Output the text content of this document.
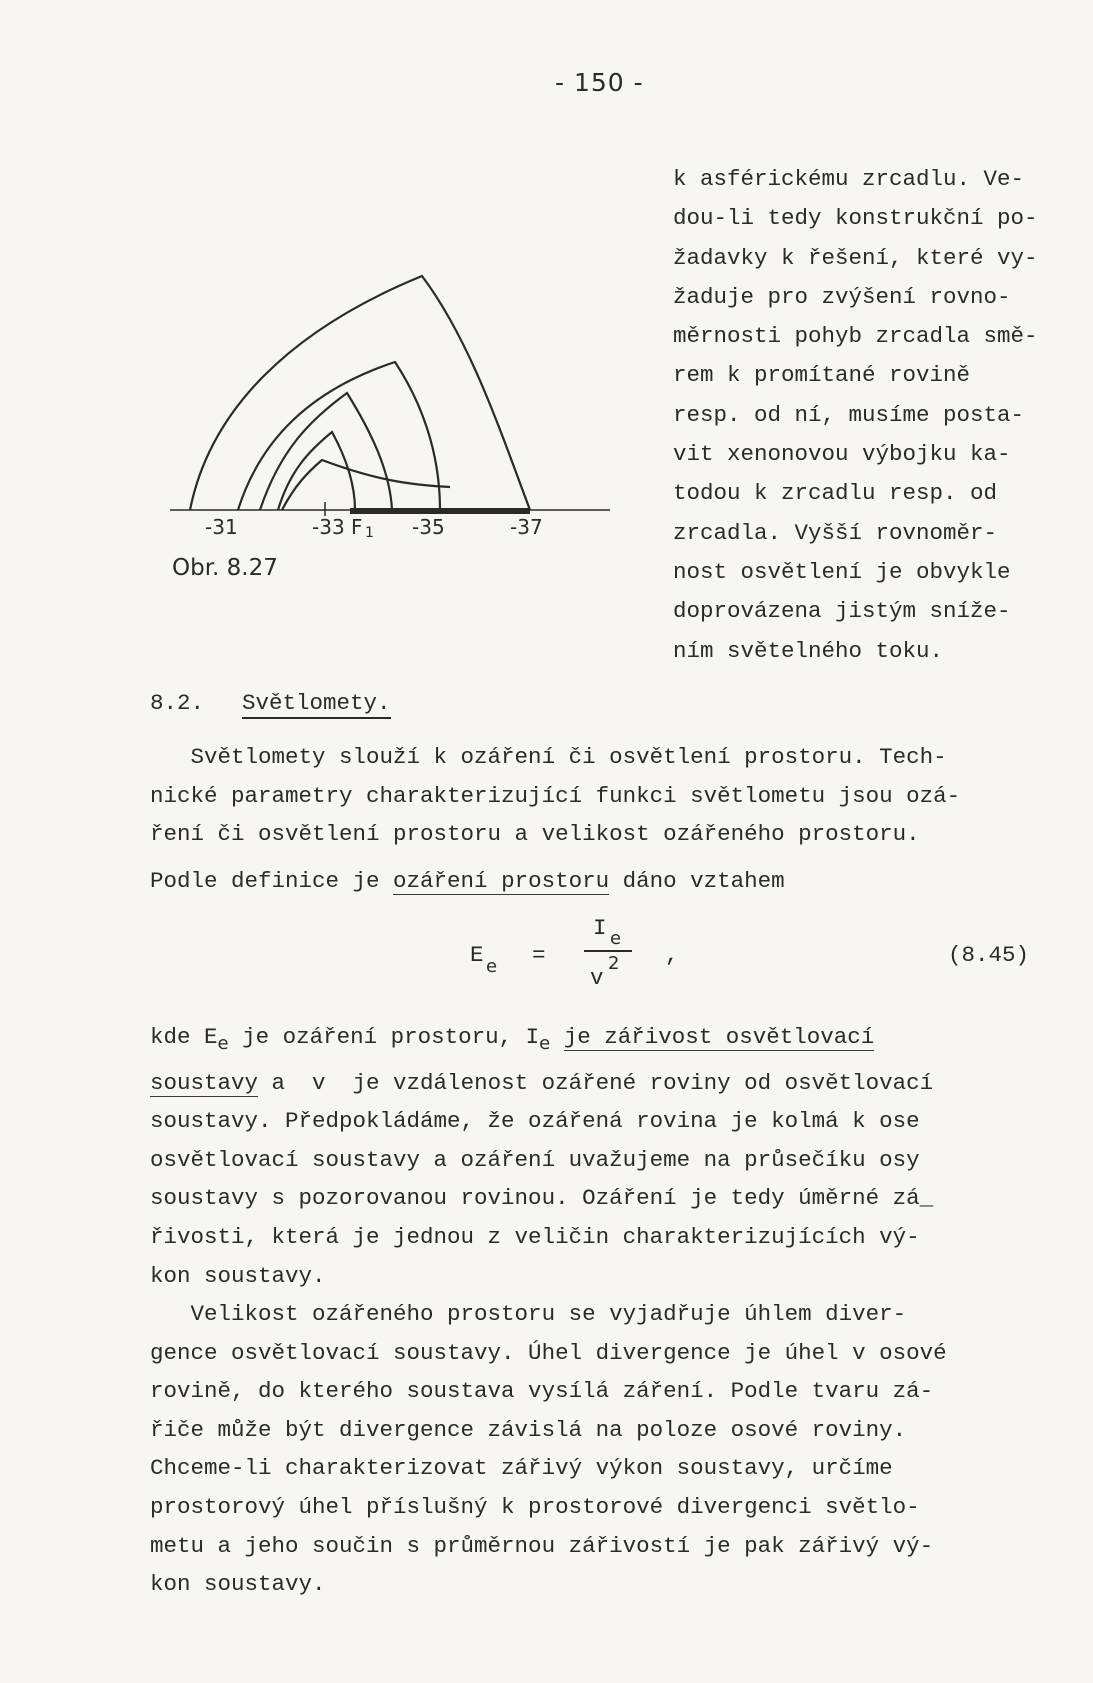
- 150 -
k asférickému zrcadlu. Ve-
dou-li tedy konstrukční po-
žadavky k řešení, které vy-
žaduje pro zvýšení rovno-
měrnosti pohyb zrcadla smě-
rem k promítané rovině
resp. od ní, musíme posta-
vit xenonovou výbojku ka-
todou k zrcadlu resp. od
zrcadla. Vyšší rovnoměr-
nost osvětlení je obvykle
doprovázena jistým sníže-
ním světelného toku.
-31	-33 F 1 -35	-37
Obr. 8.27
8.2. Světlomety.
Světlomety slouží k ozáření či osvětlení prostoru. Tech-
nické parametry charakterizující funkci světlometu jsou ozá-
ření či osvětlení prostoru a velikost ozářeného prostoru.
Podle definice je ozáření prostoru dáno vztahem
E e =
I e
v
2 ,	(8.45)
kde $E_e$ je ozáření prostoru, $I_e$ je zářivost osvětlovací
soustavy a  v  je vzdálenost ozářené roviny od osvětlovací
soustavy. Předpokládáme, že ozářená rovina je kolmá k ose
osvětlovací soustavy a ozáření uvažujeme na průsečíku osy
soustavy s pozorovanou rovinou. Ozáření je tedy úměrné zá_
řivosti, která je jednou z veličin charakterizujících vý-
kon soustavy.
Velikost ozářeného prostoru se vyjadřuje úhlem diver-
gence osvětlovací soustavy. Úhel divergence je úhel v osové
rovině, do kterého soustava vysílá záření. Podle tvaru zá-
řiče může být divergence závislá na poloze osové roviny.
Chceme-li charakterizovat zářivý výkon soustavy, určíme
prostorový úhel příslušný k prostorové divergenci světlo-
metu a jeho součin s průměrnou zářivostí je pak zářivý vý-
kon soustavy.
